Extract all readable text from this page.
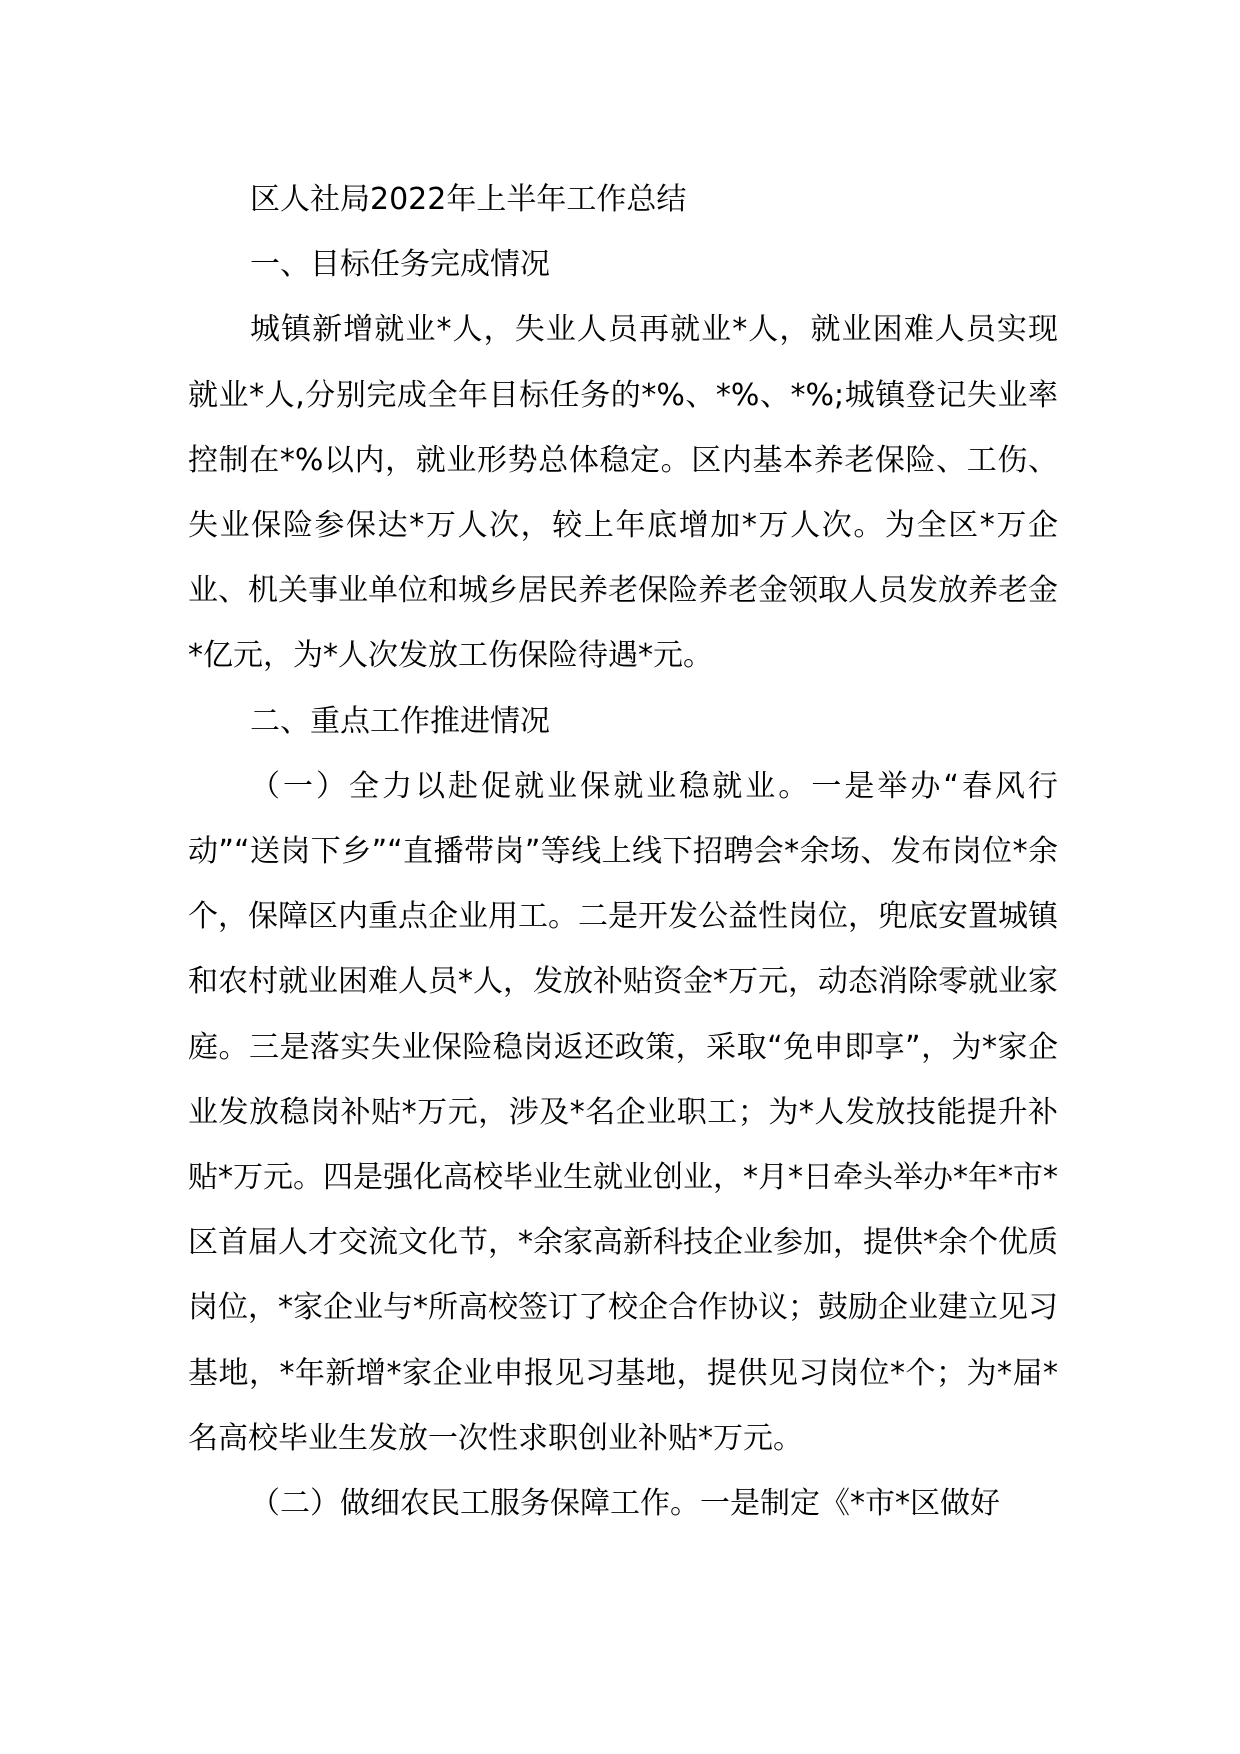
区人社局2022年上半年工作总结

一、目标任务完成情况

城镇新增就业*人，失业人员再就业*人，就业困难人员实现就业*人,分别完成全年目标任务的*%、*%、*%;城镇登记失业率控制在*%以内，就业形势总体稳定。区内基本养老保险、工伤、失业保险参保达*万人次，较上年底增加*万人次。为全区*万企业、机关事业单位和城乡居民养老保险养老金领取人员发放养老金*亿元，为*人次发放工伤保险待遇*元。

二、重点工作推进情况

（一）全力以赴促就业保就业稳就业。一是举办“春风行动”“送岗下乡”“直播带岗”等线上线下招聘会*余场、发布岗位*余个，保障区内重点企业用工。二是开发公益性岗位，兜底安置城镇和农村就业困难人员*人，发放补贴资金*万元，动态消除零就业家庭。三是落实失业保险稳岗返还政策，采取“免申即享”，为*家企业发放稳岗补贴*万元，涉及*名企业职工；为*人发放技能提升补贴*万元。四是强化高校毕业生就业创业，*月*日牵头举办*年*市*区首届人才交流文化节，*余家高新科技企业参加，提供*余个优质岗位，*家企业与*所高校签订了校企合作协议；鼓励企业建立见习基地，*年新增*家企业申报见习基地，提供见习岗位*个；为*届*名高校毕业生发放一次性求职创业补贴*万元。

（二）做细农民工服务保障工作。一是制定《*市*区做好
